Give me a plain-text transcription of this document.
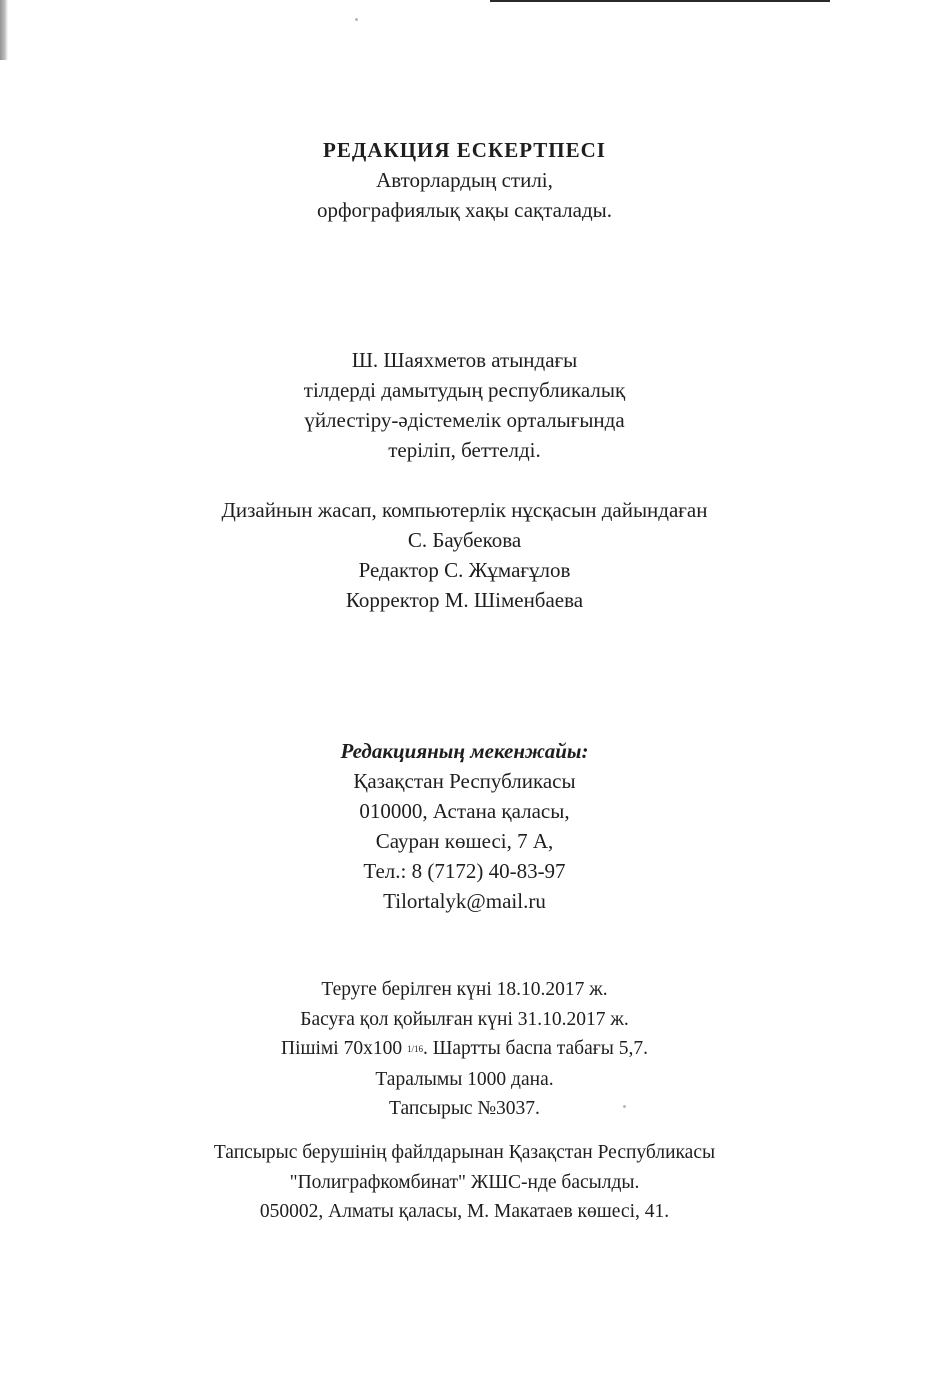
РЕДАКЦИЯ ЕСКЕРТПЕСІ
Авторлардың стилі,
орфографиялық хақы сақталады.
Ш. Шаяхметов атындағы
тілдерді дамытудың республикалық
үйлестіру-әдістемелік орталығында
теріліп, беттелді.
Дизайнын жасап, компьютерлік нұсқасын дайындаған
С. Баубекова
Редактор С. Жұмағұлов
Корректор М. Шіменбаева
Редакцияның мекенжайы:
Қазақстан Республикасы
010000, Астана қаласы,
Сауран көшесі, 7 А,
Тел.: 8 (7172) 40-83-97
Tilortalyk@mail.ru
Теруге берілген күні 18.10.2017 ж.
Басуға қол қойылған күні 31.10.2017 ж.
Пішімі 70х100 1/16. Шартты баспа табағы 5,7.
Таралымы 1000 дана.
Тапсырыс №3037.
Тапсырыс берушінің файлдарынан Қазақстан Республикасы
"Полиграфкомбинат" ЖШС-нде басылды.
050002, Алматы қаласы, М. Макатаев көшесі, 41.
